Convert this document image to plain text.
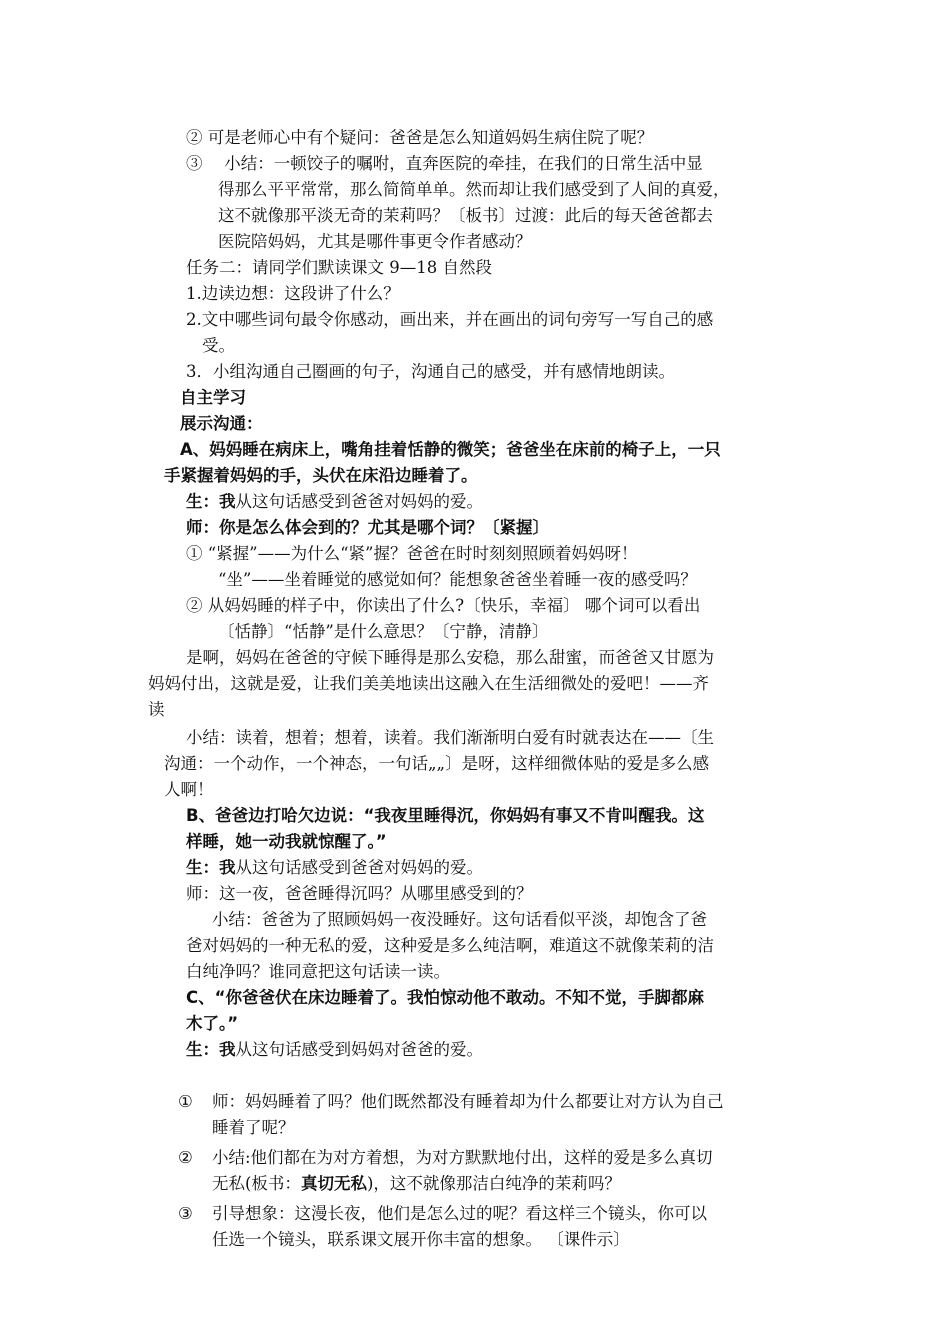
② 可是老师心中有个疑问：爸爸是怎么知道妈妈生病住院了呢？
③　 小结：一顿饺子的嘱咐，直奔医院的牵挂，在我们的日常生活中显
得那么平平常常，那么简简单单。然而却让我们感受到了人间的真爱，
这不就像那平淡无奇的茉莉吗？〔板书〕过渡：此后的每天爸爸都去
医院陪妈妈，尤其是哪件事更令作者感动？
任务二：请同学们默读课文 9—18 自然段
1.边读边想：这段讲了什么？
2.文中哪些词句最令你感动，画出来，并在画出的词句旁写一写自己的感
受。
3．小组沟通自己圈画的句子，沟通自己的感受，并有感情地朗读。
自主学习
展示沟通：
A、妈妈睡在病床上，嘴角挂着恬静的微笑；爸爸坐在床前的椅子上，一只
手紧握着妈妈的手，头伏在床沿边睡着了。
生：我从这句话感受到爸爸对妈妈的爱。
师：你是怎么体会到的？尤其是哪个词？〔紧握〕
① “紧握”——为什么“紧”握？爸爸在时时刻刻照顾着妈妈呀！
“坐”——坐着睡觉的感觉如何？能想象爸爸坐着睡一夜的感受吗？
② 从妈妈睡的样子中，你读出了什么?〔快乐，幸福〕 哪个词可以看出
〔恬静〕“恬静”是什么意思？〔宁静，清静〕
是啊，妈妈在爸爸的守候下睡得是那么安稳，那么甜蜜，而爸爸又甘愿为
妈妈付出，这就是爱，让我们美美地读出这融入在生活细微处的爱吧！——齐
读
小结：读着，想着；想着，读着。我们渐渐明白爱有时就表达在——〔生
沟通：一个动作，一个神态，一句话„„〕是呀，这样细微体贴的爱是多么感
人啊！
B、爸爸边打哈欠边说：“我夜里睡得沉，你妈妈有事又不肯叫醒我。这
样睡，她一动我就惊醒了。”
生：我从这句话感受到爸爸对妈妈的爱。
师：这一夜，爸爸睡得沉吗？从哪里感受到的？
小结：爸爸为了照顾妈妈一夜没睡好。这句话看似平淡，却饱含了爸
爸对妈妈的一种无私的爱，这种爱是多么纯洁啊，难道这不就像茉莉的洁
白纯净吗？谁同意把这句话读一读。
C、“你爸爸伏在床边睡着了。我怕惊动他不敢动。不知不觉，手脚都麻
木了。”
生：我从这句话感受到妈妈对爸爸的爱。
① 师：妈妈睡着了吗？他们既然都没有睡着却为什么都要让对方认为自己
睡着了呢？
② 小结:他们都在为对方着想，为对方默默地付出，这样的爱是多么真切
无私(板书：真切无私)，这不就像那洁白纯净的茉莉吗？
③ 引导想象：这漫长夜，他们是怎么过的呢？看这样三个镜头，你可以
任选一个镜头，联系课文展开你丰富的想象。 〔课件示〕
